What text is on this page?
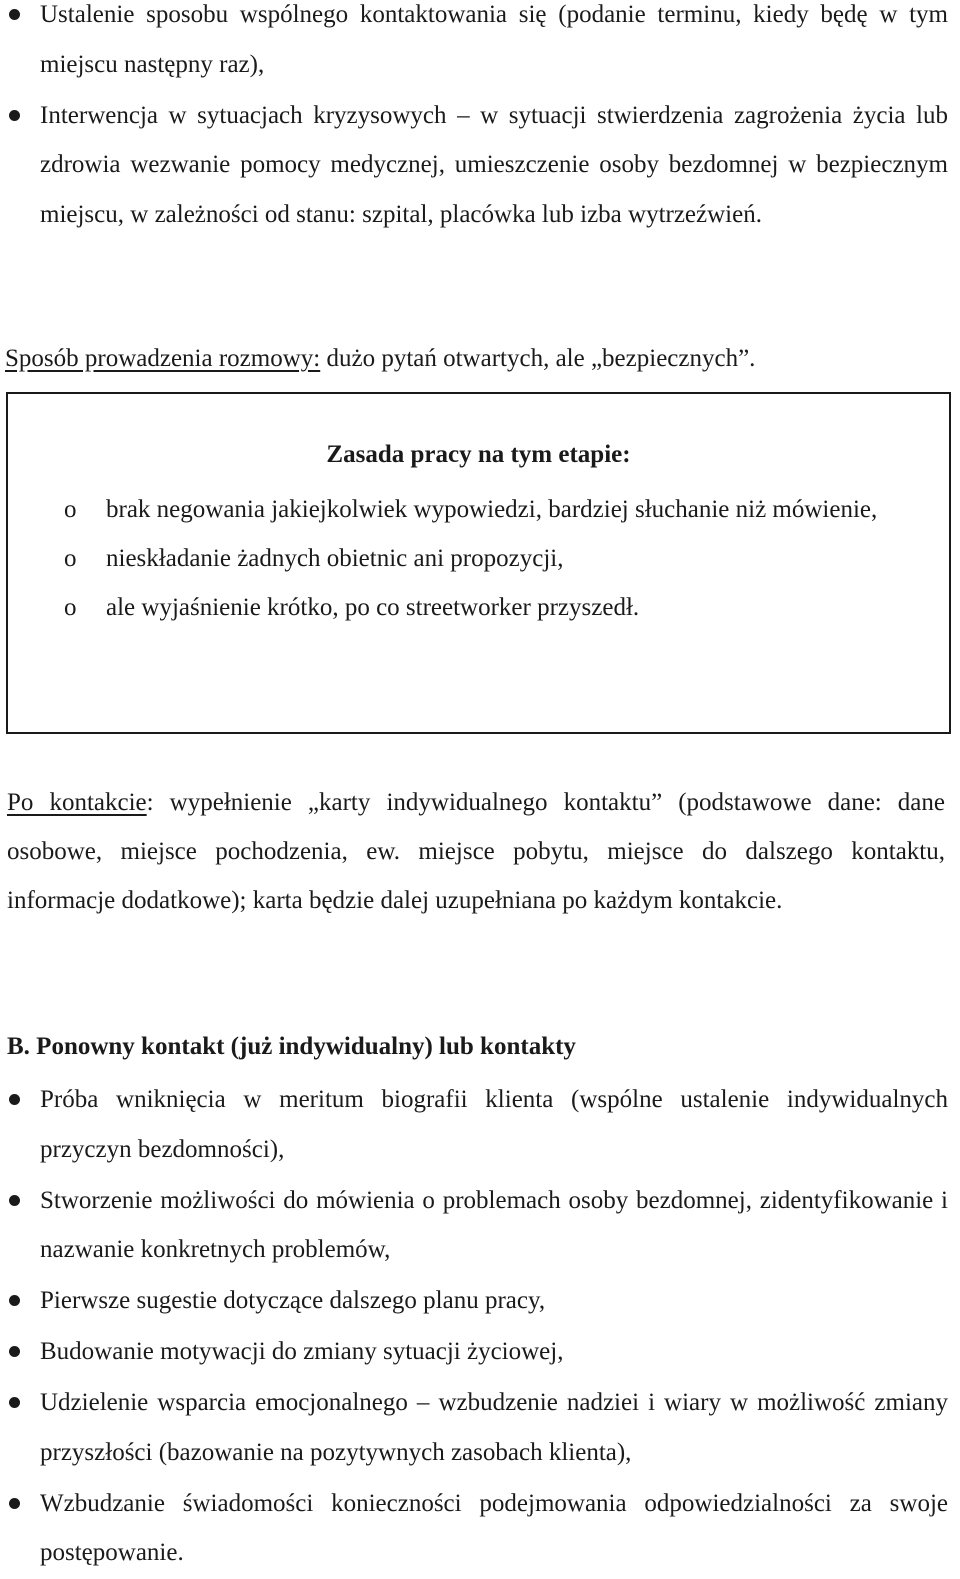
Ustalenie sposobu wspólnego kontaktowania się (podanie terminu, kiedy będę w tym miejscu następny raz),
Interwencja w sytuacjach kryzysowych – w sytuacji stwierdzenia zagrożenia życia lub zdrowia wezwanie pomocy medycznej, umieszczenie osoby bezdomnej w bezpiecznym miejscu, w zależności od stanu: szpital, placówka lub izba wytrzeźwień.
Sposób prowadzenia rozmowy: dużo pytań otwartych, ale „bezpiecznych”.
Zasada pracy na tym etapie:
o brak negowania jakiejkolwiek wypowiedzi, bardziej słuchanie niż mówienie,
o nieskładanie żadnych obietnic ani propozycji,
o ale wyjaśnienie krótko, po co streetworker przyszedł.
Po kontakcie: wypełnienie „karty indywidualnego kontaktu” (podstawowe dane: dane osobowe, miejsce pochodzenia, ew. miejsce pobytu, miejsce do dalszego kontaktu, informacje dodatkowe); karta będzie dalej uzupełniana po każdym kontakcie.
B. Ponowny kontakt (już indywidualny) lub kontakty
Próba wniknięcia w meritum biografii klienta (wspólne ustalenie indywidualnych przyczyn bezdomności),
Stworzenie możliwości do mówienia o problemach osoby bezdomnej, zidentyfikowanie i nazwanie konkretnych problemów,
Pierwsze sugestie dotyczące dalszego planu pracy,
Budowanie motywacji do zmiany sytuacji życiowej,
Udzielenie wsparcia emocjonalnego – wzbudzenie nadziei i wiary w możliwość zmiany przyszłości (bazowanie na pozytywnych zasobach klienta),
Wzbudzanie świadomości konieczności podejmowania odpowiedzialności za swoje postępowanie.
